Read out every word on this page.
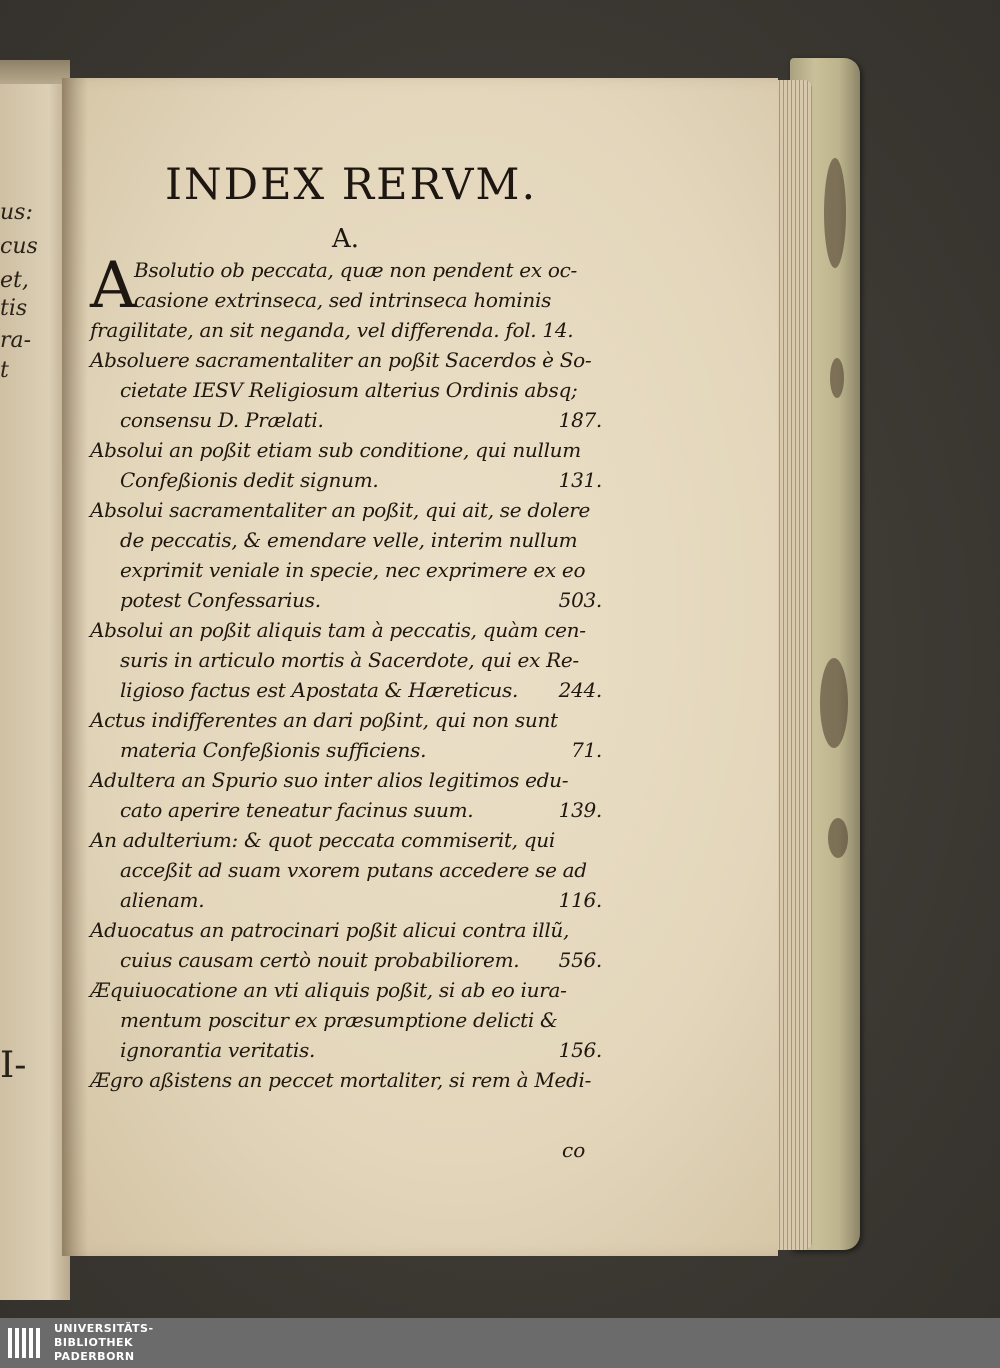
us:
cus
et,
tis
ra-
t
I-
INDEX RERVM.
A.
A
Bsolutio ob peccata, quæ non pendent ex oc-
casione extrinseca, sed intrinseca hominis
fragilitate, an sit neganda, vel differenda. fol. 14.
Absoluere sacramentaliter an poßit Sacerdos è So-
cietate IESV Religiosum alterius Ordinis absq;
consensu D. Prælati.	187.
Absolui an poßit etiam sub conditione, qui nullum
Confeßionis dedit signum.	131.
Absolui sacramentaliter an poßit, qui ait, se dolere
de peccatis, & emendare velle, interim nullum
exprimit veniale in specie, nec exprimere ex eo
potest Confessarius.	503.
Absolui an poßit aliquis tam à peccatis, quàm cen-
suris in articulo mortis à Sacerdote, qui ex Re-
ligioso factus est Apostata & Hæreticus. 244.
Actus indifferentes an dari poßint, qui non sunt
materia Confeßionis sufficiens.	71.
Adultera an Spurio suo inter alios legitimos edu-
cato aperire teneatur facinus suum.	139.
An adulterium: & quot peccata commiserit, qui
acceßit ad suam vxorem putans accedere se ad
alienam.	116.
Aduocatus an patrocinari poßit alicui contra illũ,
cuius causam certò nouit probabiliorem. 556.
Æquiuocatione an vti aliquis poßit, si ab eo iura-
mentum poscitur ex præsumptione delicti &
ignorantia veritatis.	156.
Ægro aßistens an peccet mortaliter, si rem à Medi-
co
UNIVERSITÄTS-
BIBLIOTHEK
PADERBORN
